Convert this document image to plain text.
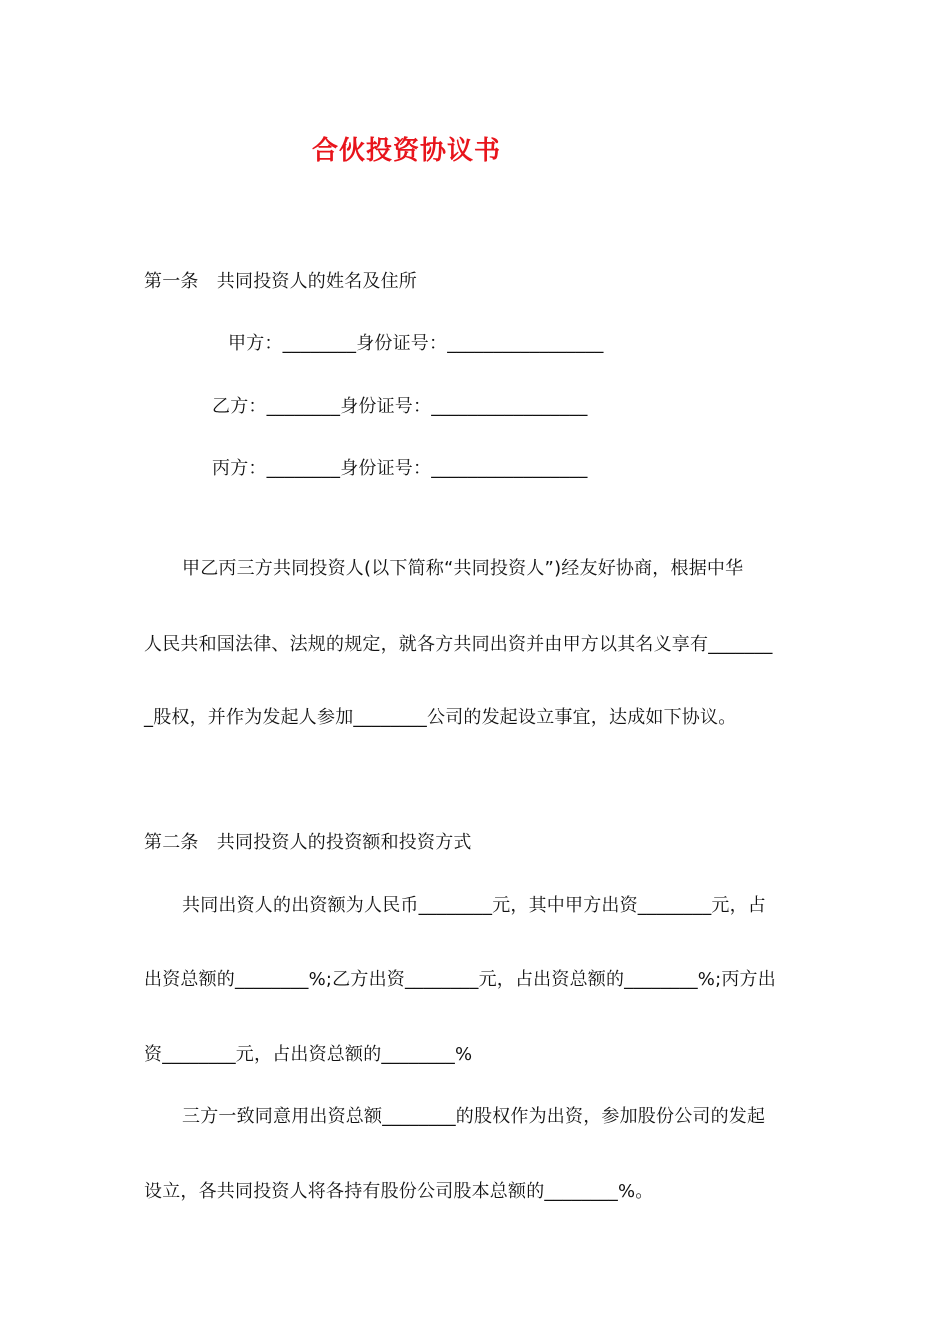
合伙投资协议书
第一条　共同投资人的姓名及住所
甲方：________身份证号：_________________
乙方：________身份证号：_________________
丙方：________身份证号：_________________
甲乙丙三方共同投资人(以下简称“共同投资人”)经友好协商，根据中华
人民共和国法律、法规的规定，就各方共同出资并由甲方以其名义享有_______
_股权，并作为发起人参加________公司的发起设立事宜，达成如下协议。
第二条　共同投资人的投资额和投资方式
共同出资人的出资额为人民币________元，其中甲方出资________元，占
出资总额的________%;乙方出资________元，占出资总额的________%;丙方出
资________元，占出资总额的________%
三方一致同意用出资总额________的股权作为出资，参加股份公司的发起
设立，各共同投资人将各持有股份公司股本总额的________%。
